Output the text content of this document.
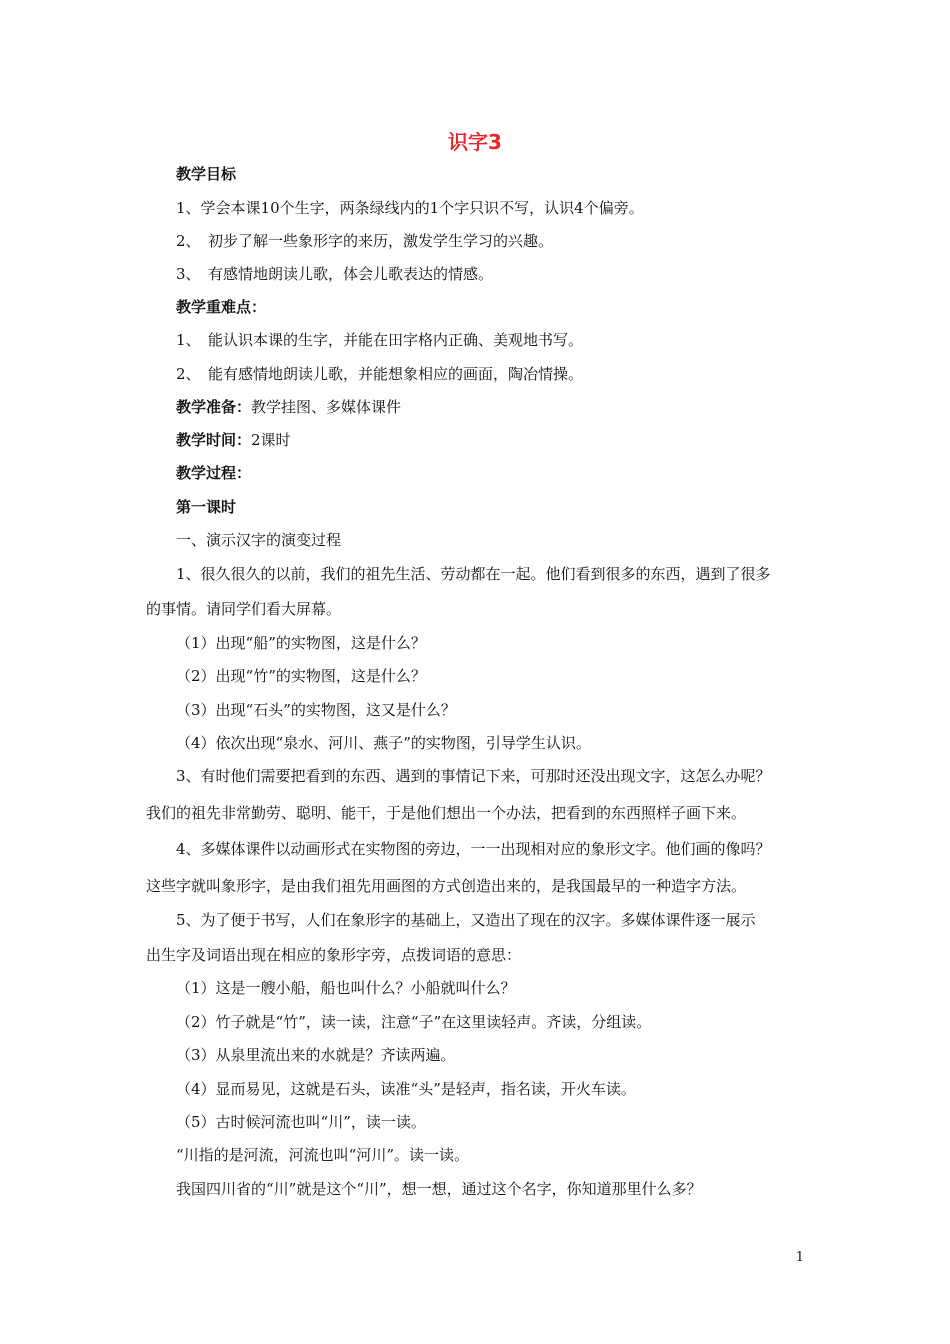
识字3
教学目标
1、学会本课10个生字，两条绿线内的1个字只识不写，认识4个偏旁。
2、　初步了解一些象形字的来历，激发学生学习的兴趣。
3、　有感情地朗读儿歌，体会儿歌表达的情感。
教学重难点：
1、　能认识本课的生字，并能在田字格内正确、美观地书写。
2、　能有感情地朗读儿歌，并能想象相应的画面，陶冶情操。
教学准备：教学挂图、多媒体课件
教学时间：2课时
教学过程：
第一课时
一、演示汉字的演变过程
1、很久很久的以前，我们的祖先生活、劳动都在一起。他们看到很多的东西，遇到了很多
的事情。请同学们看大屏幕。
（1）出现“船”的实物图，这是什么？
（2）出现“竹”的实物图，这是什么？
（3）出现“石头”的实物图，这又是什么？
（4）依次出现“泉水、河川、燕子”的实物图，引导学生认识。
3、有时他们需要把看到的东西、遇到的事情记下来，可那时还没出现文字，这怎么办呢？
我们的祖先非常勤劳、聪明、能干，于是他们想出一个办法，把看到的东西照样子画下来。
4、多媒体课件以动画形式在实物图的旁边，一一出现相对应的象形文字。他们画的像吗？
这些字就叫象形字，是由我们祖先用画图的方式创造出来的，是我国最早的一种造字方法。
5、为了便于书写，人们在象形字的基础上，又造出了现在的汉字。多媒体课件逐一展示
出生字及词语出现在相应的象形字旁，点拨词语的意思：
（1）这是一艘小船，船也叫什么？小船就叫什么？
（2）竹子就是“竹”，读一读，注意“子”在这里读轻声。齐读，分组读。
（3）从泉里流出来的水就是？齐读两遍。
（4）显而易见，这就是石头，读准“头”是轻声，指名读，开火车读。
（5）古时候河流也叫“川”，读一读。
“川指的是河流，河流也叫“河川”。读一读。
我国四川省的“川”就是这个“川”，想一想，通过这个名字，你知道那里什么多？
1
